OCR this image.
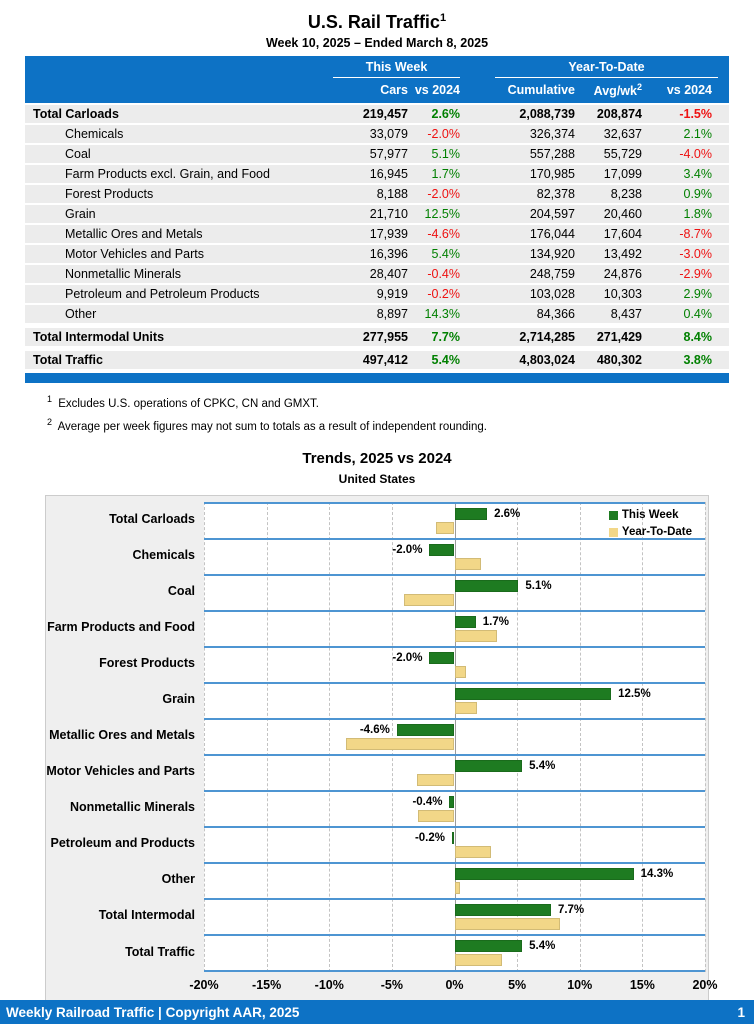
U.S. Rail Traffic$^1$
Week 10, 2025 – Ended March 8, 2025
This Week	Year-To-Date
Cars vs 2024	Cumulative	Avg/$wk^2$	vs 2024
Total Carloads	219,457	2.6%	2,088,739	208,874	-1.5%
Chemicals	33,079	-2.0%	326,374	32,637	2.1%
Coal	57,977	5.1%	557,288	55,729	-4.0%
Farm Products excl. Grain, and Food	16,945	1.7%	170,985	17,099	3.4%
Forest Products	8,188	-2.0%	82,378	8,238	0.9%
Grain	21,710	12.5%	204,597	20,460	1.8%
Metallic Ores and Metals	17,939	-4.6%	176,044	17,604	-8.7%
Motor Vehicles and Parts	16,396	5.4%	134,920	13,492	-3.0%
Nonmetallic Minerals	28,407	-0.4%	248,759	24,876	-2.9%
Petroleum and Petroleum Products	9,919	-0.2%	103,028	10,303	2.9%
Other	8,897	14.3%	84,366	8,437	0.4%
Total Intermodal Units	277,955	7.7%	2,714,285	271,429	8.4%
Total Traffic	497,412	5.4%	4,803,024	480,302	3.8%
$^1$ Excludes U.S. operations of CPKC, CN and GMXT.
$^2$ Average per week figures may not sum to totals as a result of independent rounding.
Trends, 2025 vs 2024
United States
Total Carloads
Chemicals
Coal
Farm Products and Food
Forest Products
Grain
Metallic Ores and Metals
Motor Vehicles and Parts
Nonmetallic Minerals
Petroleum and Products
Other
Total Intermodal
Total Traffic
This Week
Year-To-Date
2.6%
-2.0%
5.1%
1.7%
-2.0%
12.5%
-4.6%
5.4%
-0.4%
-0.2%
14.3%
7.7%
5.4%
-20%	-15%	-10%	-5%	0%	5%	10%	15%	20%
Weekly Railroad Traffic | Copyright AAR, 2025	1
